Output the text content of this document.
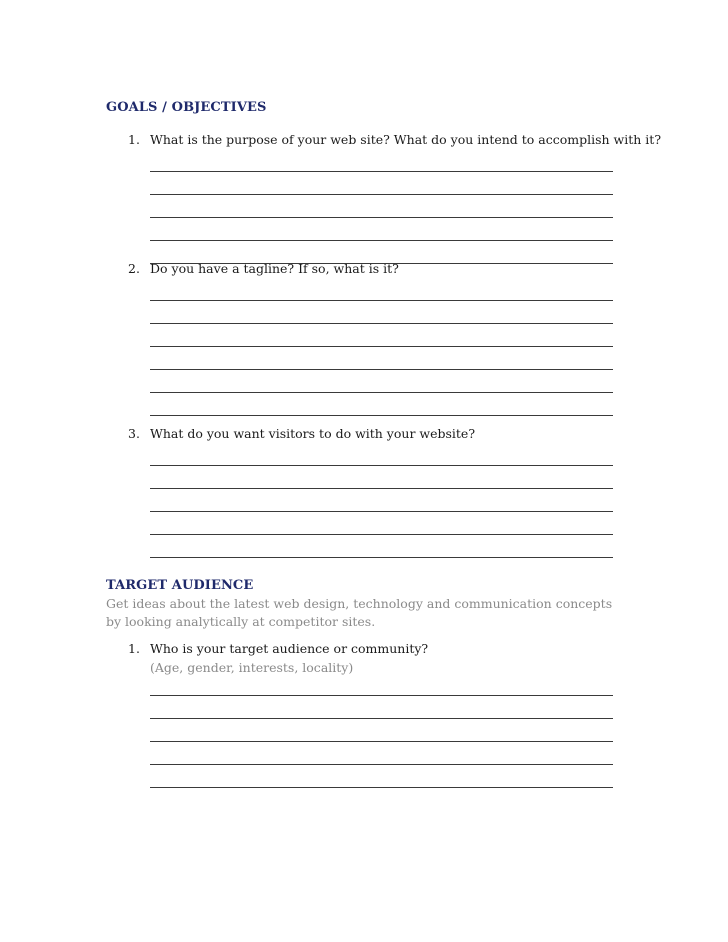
GOALS / OBJECTIVES
1. What is the purpose of your web site? What do you intend to accomplish with it?
2. Do you have a tagline? If so, what is it?
3. What do you want visitors to do with your website?
TARGET AUDIENCE
Get ideas about the latest web design, technology and communication concepts by looking analytically at competitor sites.
1. Who is your target audience or community?
(Age, gender, interests, locality)
